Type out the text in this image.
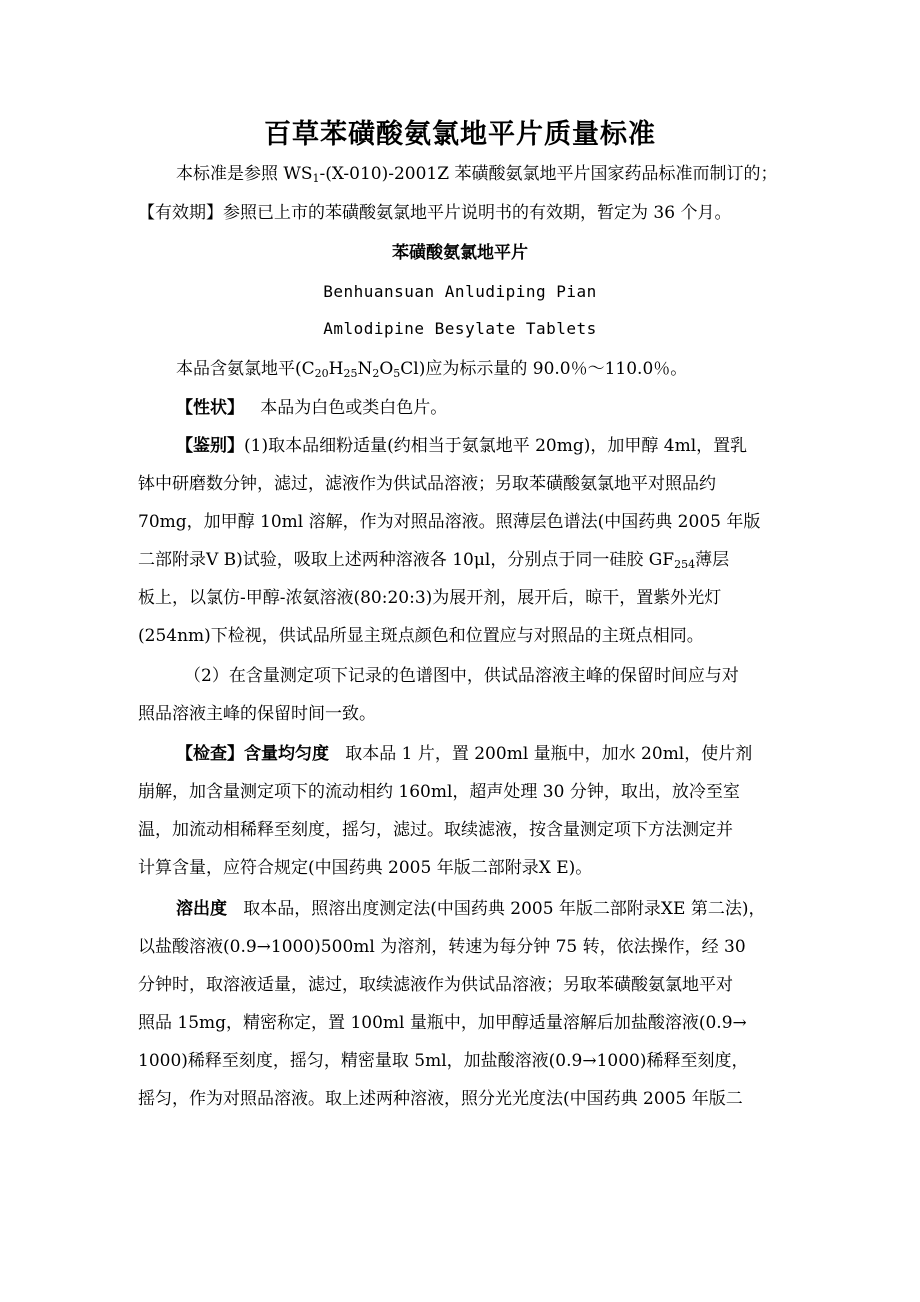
百草苯磺酸氨氯地平片质量标准
本标准是参照 $WS_1-(X-010)-2001Z$ 苯磺酸氨氯地平片国家药品标准而制订的；
【有效期】参照已上市的苯磺酸氨氯地平片说明书的有效期，暂定为 36 个月。
苯磺酸氨氯地平片
Benhuansuan Anludiping Pian
Amlodipine Besylate Tablets
本品含氨氯地平$(C_{20}H_{25}N_2O_5Cl)$应为标示量的 90.0％～110.0％。
【性状】 本品为白色或类白色片。
【鉴别】(1)取本品细粉适量(约相当于氨氯地平 20mg)，加甲醇 4ml，置乳
钵中研磨数分钟，滤过，滤液作为供试品溶液；另取苯磺酸氨氯地平对照品约
70mg，加甲醇 10ml 溶解，作为对照品溶液。照薄层色谱法(中国药典 2005 年版
二部附录Ⅴ B)试验，吸取上述两种溶液各 10μl，分别点于同一硅胶 $GF_{254}$薄层
板上，以氯仿-甲醇-浓氨溶液(80:20:3)为展开剂，展开后，晾干，置紫外光灯
(254nm)下检视，供试品所显主斑点颜色和位置应与对照品的主斑点相同。
（2）在含量测定项下记录的色谱图中，供试品溶液主峰的保留时间应与对
照品溶液主峰的保留时间一致。
【检查】含量均匀度 取本品 1 片，置 200ml 量瓶中，加水 20ml，使片剂
崩解，加含量测定项下的流动相约 160ml，超声处理 30 分钟，取出，放冷至室
温，加流动相稀释至刻度，摇匀，滤过。取续滤液，按含量测定项下方法测定并
计算含量，应符合规定(中国药典 2005 年版二部附录Ⅹ E)。
溶出度 取本品，照溶出度测定法(中国药典 2005 年版二部附录ⅩE 第二法)，
以盐酸溶液(0.9→1000)500ml 为溶剂，转速为每分钟 75 转，依法操作，经 30
分钟时，取溶液适量，滤过，取续滤液作为供试品溶液；另取苯磺酸氨氯地平对
照品 15mg，精密称定，置 100ml 量瓶中，加甲醇适量溶解后加盐酸溶液(0.9→
1000)稀释至刻度，摇匀，精密量取 5ml，加盐酸溶液(0.9→1000)稀释至刻度，
摇匀，作为对照品溶液。取上述两种溶液，照分光光度法(中国药典 2005 年版二
